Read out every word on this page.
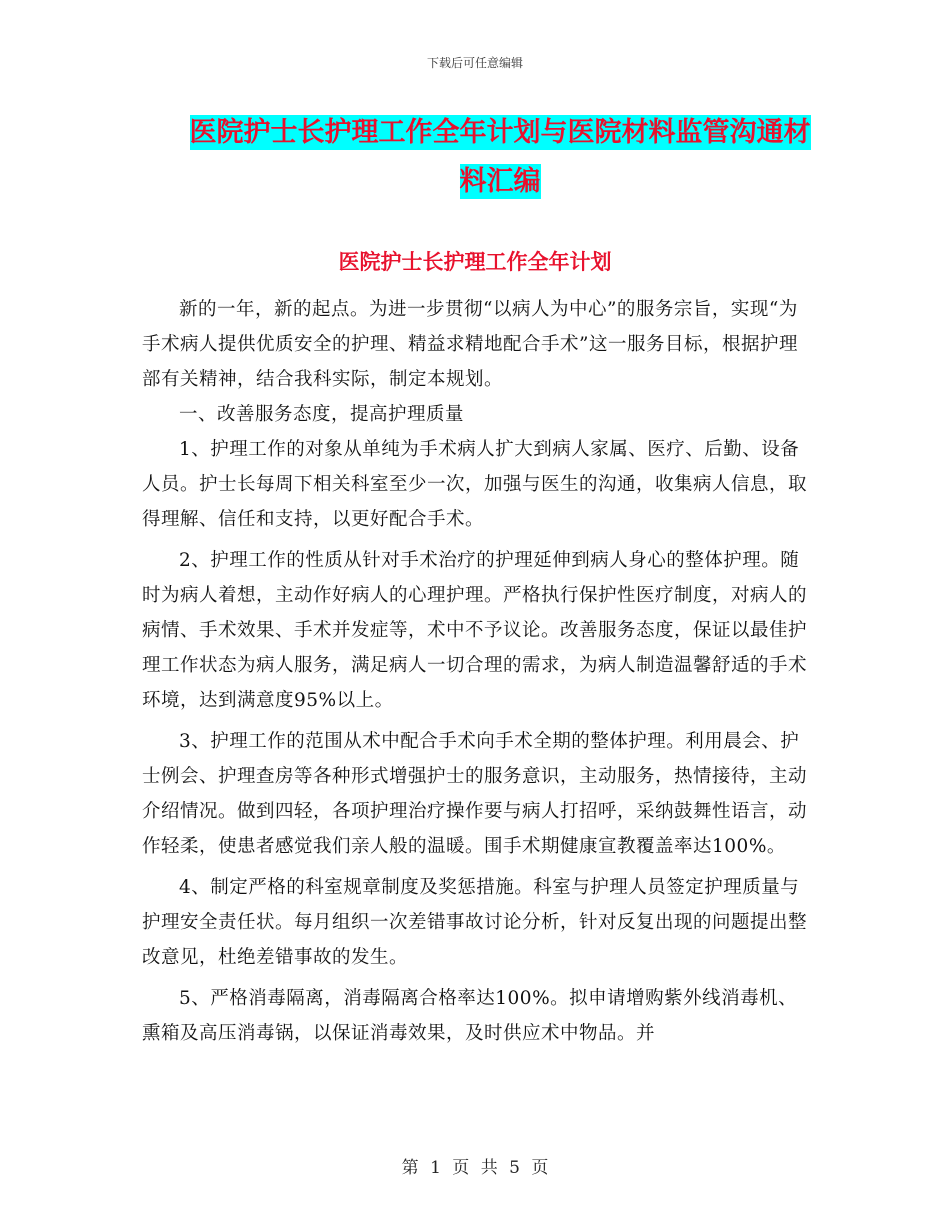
下载后可任意编辑
医院护士长护理工作全年计划与医院材料监管沟通材料汇编
医院护士长护理工作全年计划

新的一年，新的起点。为进一步贯彻“以病人为中心”的服务宗旨，实现“为手术病人提供优质安全的护理、精益求精地配合手术”这一服务目标，根据护理部有关精神，结合我科实际，制定本规划。

一、改善服务态度，提高护理质量

1、护理工作的对象从单纯为手术病人扩大到病人家属、医疗、后勤、设备人员。护士长每周下相关科室至少一次，加强与医生的沟通，收集病人信息，取得理解、信任和支持，以更好配合手术。

2、护理工作的性质从针对手术治疗的护理延伸到病人身心的整体护理。随时为病人着想，主动作好病人的心理护理。严格执行保护性医疗制度，对病人的病情、手术效果、手术并发症等，术中不予议论。改善服务态度，保证以最佳护理工作状态为病人服务，满足病人一切合理的需求，为病人制造温馨舒适的手术环境，达到满意度95%以上。

3、护理工作的范围从术中配合手术向手术全期的整体护理。利用晨会、护士例会、护理查房等各种形式增强护士的服务意识，主动服务，热情接待，主动介绍情况。做到四轻，各项护理治疗操作要与病人打招呼，采纳鼓舞性语言，动作轻柔，使患者感觉我们亲人般的温暖。围手术期健康宣教覆盖率达100%。

4、制定严格的科室规章制度及奖惩措施。科室与护理人员签定护理质量与护理安全责任状。每月组织一次差错事故讨论分析，针对反复出现的问题提出整改意见，杜绝差错事故的发生。

5、严格消毒隔离，消毒隔离合格率达100%。拟申请增购紫外线消毒机、熏箱及高压消毒锅，以保证消毒效果，及时供应术中物品。并

第 1 页 共 5 页
